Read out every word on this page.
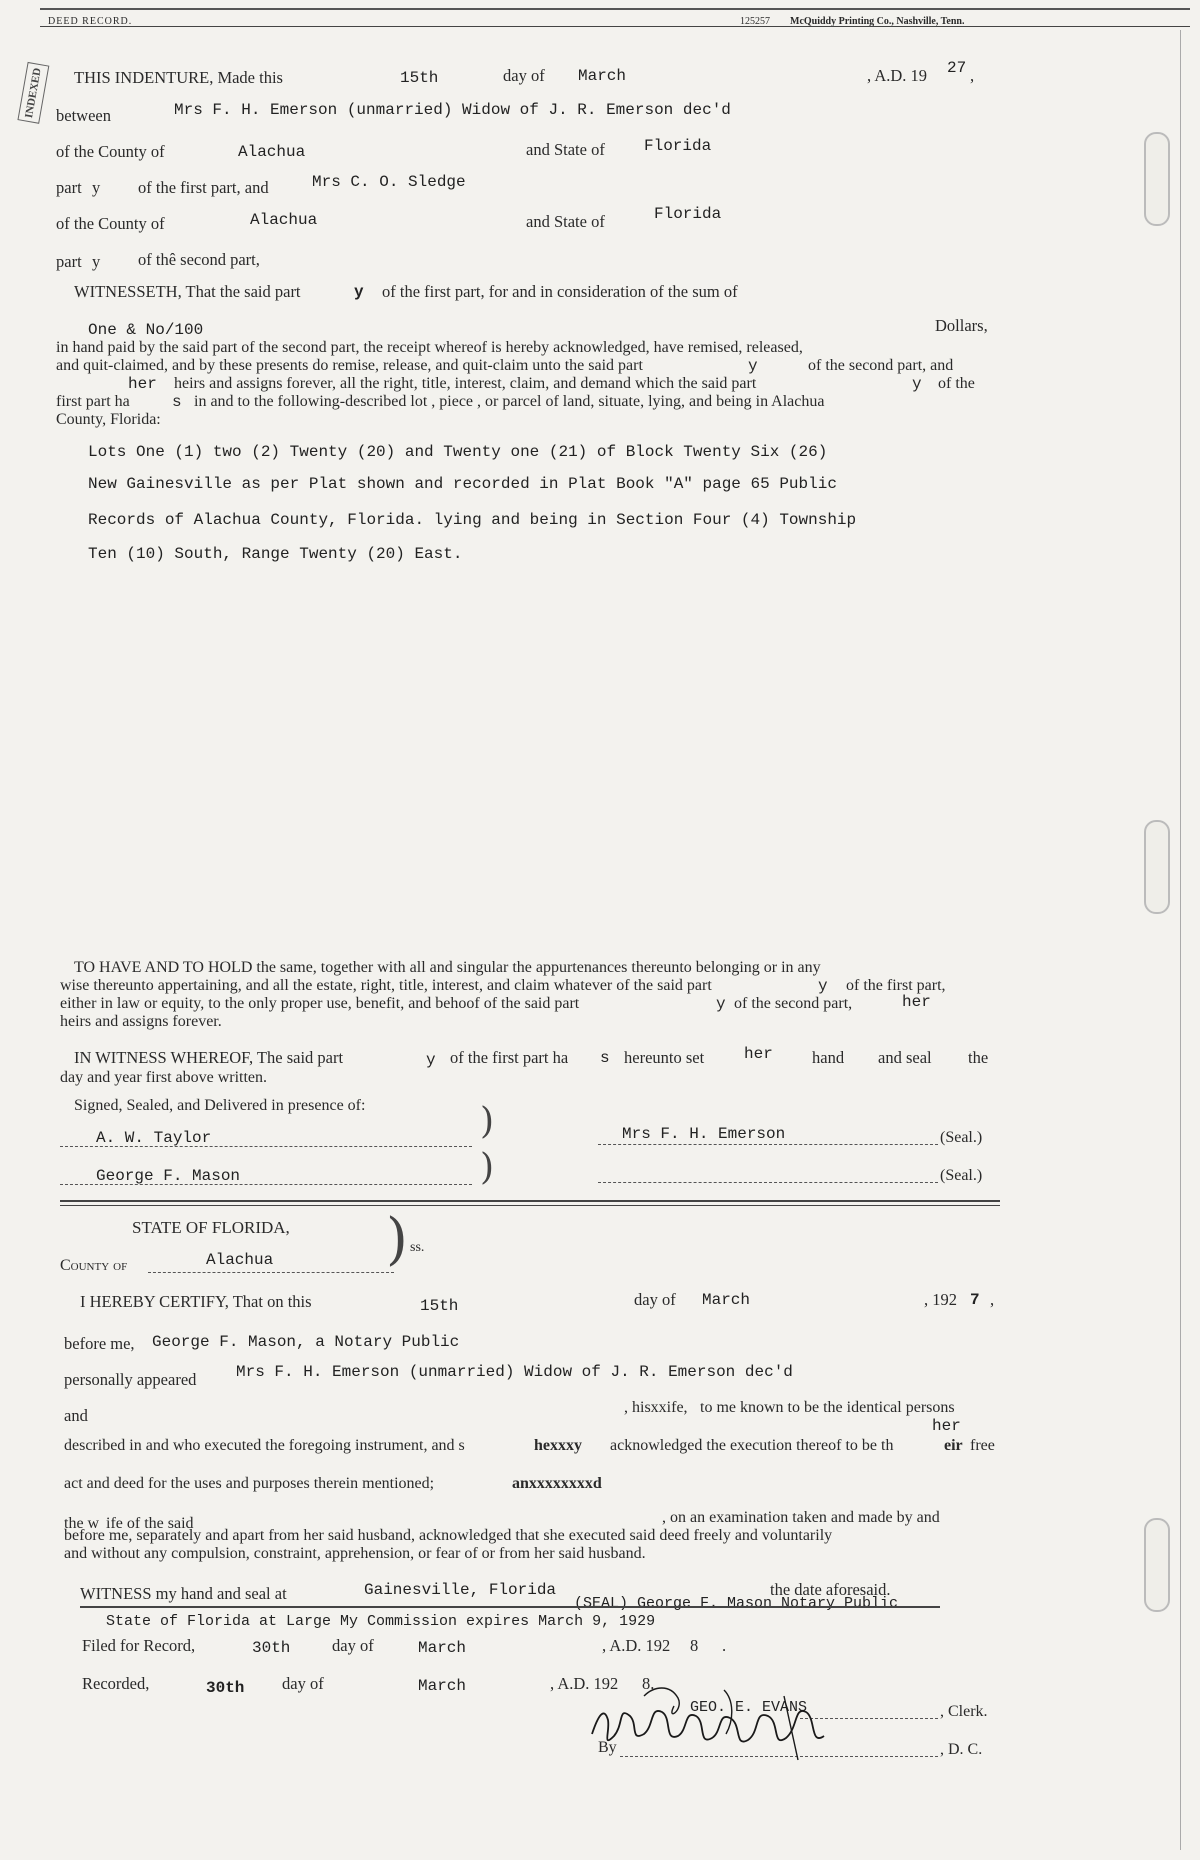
DEED RECORD.	125257 McQuiddy Printing Co., Nashville, Tenn.
INDEXED	THIS INDENTURE, Made this	15th	day of March	, A.D. 19 27 ,
between	Mrs F. H. Emerson (unmarried) Widow of J. R. Emerson dec'd
of the County of	Alachua	and State of Florida
part y of the first part, and	Mrs C. O. Sledge
of the County of	Alachua	and State of	Florida
part y of thê second part,
WITNESSETH, That the said part	y of the first part, for and in consideration of the sum of
One & No/100	Dollars,
in hand paid by the said part of the second part, the receipt whereof is hereby acknowledged, have remised, released,
and quit-claimed, and by these presents do remise, release, and quit-claim unto the said part	y	of the second part, and
her heirs and assigns forever, all the right, title, interest, claim, and demand which the said part	y of the
first part ha	s in and to the following-described lot , piece , or parcel of land, situate, lying, and being in Alachua
County, Florida:
Lots One (1) two (2) Twenty (20) and Twenty one (21) of Block Twenty Six (26)
New Gainesville as per Plat shown and recorded in Plat Book "A" page 65 Public
Records of Alachua County, Florida. lying and being in Section Four (4) Township
Ten (10) South, Range Twenty (20) East.
TO HAVE AND TO HOLD the same, together with all and singular the appurtenances thereunto belonging or in any
wise thereunto appertaining, and all the estate, right, title, interest, and claim whatever of the said part	y of the first part,
either in law or equity, to the only proper use, benefit, and behoof of the said part	y of the second part,	her
heirs and assigns forever.
IN WITNESS WHEREOF, The said part	y of the first part ha s hereunto set her hand and seal the
day and year first above written.
Signed, Sealed, and Delivered in presence of:	)
)
A. W. Taylor
George F. Mason
Mrs F. H. Emerson	(Seal.)
(Seal.)
STATE OF FLORIDA,
County of	Alachua ) ss.
I HEREBY CERTIFY, That on this	15th	day of March	, 192 7 ,
before me, George F. Mason, a Notary Public
personally appeared Mrs F. H. Emerson (unmarried) Widow of J. R. Emerson dec'd
and	, hisxxife, to me known to be the identical persons
her
described in and who executed the foregoing instrument, and s	hexxxy acknowledged the execution thereof to be th	eir free
act and deed for the uses and purposes therein mentioned;	anxxxxxxxxd
the w ife of the said	, on an examination taken and made by and
before me, separately and apart from her said husband, acknowledged that she executed said deed freely and voluntarily
and without any compulsion, constraint, apprehension, or fear of or from her said husband.
WITNESS my hand and seal at	Gainesville, Florida	the date aforesaid.
(SEAL) George F. Mason Notary Public
State of Florida at Large My Commission expires March 9, 1929
Filed for Record,	30th	day of	March	, A.D. 192 8 .
Recorded,	30th day of	March	, A.D. 192 8.
GEO. E. EVANS	, Clerk.
By	, D. C.
